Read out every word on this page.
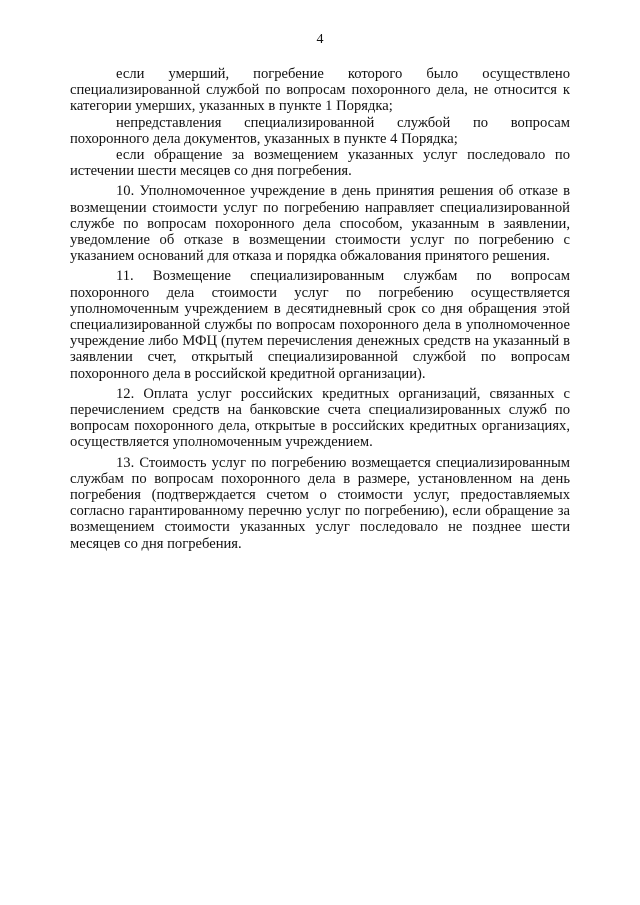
4

если умерший, погребение которого было осуществлено специализированной службой по вопросам похоронного дела, не относится к категории умерших, указанных в пункте 1 Порядка;

непредставления специализированной службой по вопросам похоронного дела документов, указанных в пункте 4 Порядка;

если обращение за возмещением указанных услуг последовало по истечении шести месяцев со дня погребения.

10. Уполномоченное учреждение в день принятия решения об отказе в возмещении стоимости услуг по погребению направляет специализированной службе по вопросам похоронного дела способом, указанным в заявлении, уведомление об отказе в возмещении стоимости услуг по погребению с указанием оснований для отказа и порядка обжалования принятого решения.

11. Возмещение специализированным службам по вопросам похоронного дела стоимости услуг по погребению осуществляется уполномоченным учреждением в десятидневный срок со дня обращения этой специализированной службы по вопросам похоронного дела в уполномоченное учреждение либо МФЦ (путем перечисления денежных средств на указанный в заявлении счет, открытый специализированной службой по вопросам похоронного дела в российской кредитной организации).

12. Оплата услуг российских кредитных организаций, связанных с перечислением средств на банковские счета специализированных служб по вопросам похоронного дела, открытые в российских кредитных организациях, осуществляется уполномоченным учреждением.

13. Стоимость услуг по погребению возмещается специализированным службам по вопросам похоронного дела в размере, установленном на день погребения (подтверждается счетом о стоимости услуг, предоставляемых согласно гарантированному перечню услуг по погребению), если обращение за возмещением стоимости указанных услуг последовало не позднее шести месяцев со дня погребения.
